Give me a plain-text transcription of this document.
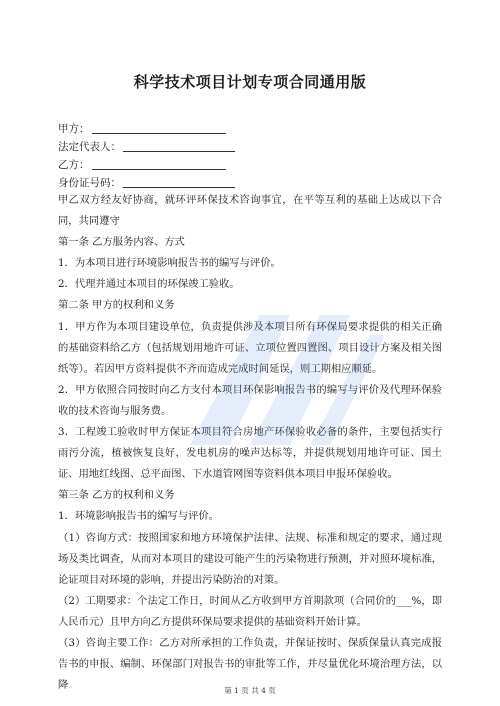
科学技术项目计划专项合同通用版
甲方：
法定代表人：
乙方：
身份证号码：

甲乙双方经友好协商，就环评环保技术咨询事宜，在平等互利的基础上达成以下合同，共同遵守

第一条 乙方服务内容、方式

1．为本项目进行环境影响报告书的编写与评价。

2．代理并通过本项目的环保竣工验收。

第二条 甲方的权利和义务

1．甲方作为本项目建设单位，负责提供涉及本项目所有环保局要求提供的相关正确的基础资料给乙方（包括规划用地许可证、立项位置四置图、项目设计方案及相关图纸等）。若因甲方资料提供不齐而造成完成时间延误，则工期相应顺延。

2．甲方依照合同按时向乙方支付本项目环保影响报告书的编写与评价及代理环保验收的技术咨询与服务费。

3．工程竣工验收时甲方保证本项目符合房地产环保验收必备的条件，主要包括实行雨污分流，植被恢复良好，发电机房的噪声达标等，并提供规划用地许可证、国土证、用地红线图、总平面图、下水道管网图等资料供本项目申报环保验收。

第三条 乙方的权利和义务

1．环境影响报告书的编写与评价。

（1）咨询方式：按照国家和地方环境保护法律、法规、标准和规定的要求，通过现场及类比调查，从而对本项目的建设可能产生的污染物进行预测，并对照环境标准，论证项目对环境的影响，并提出污染防治的对策。

（2）工期要求：个法定工作日，时间从乙方收到甲方首期款项（合同价的___%，即人民币元）且甲方向乙方提供环保局要求提供的基础资料开始计算。

（3）咨询主要工作：乙方对所承担的工作负责，并保证按时、保质保量认真完成报告书的申报、编制、环保部门对报告书的审批等工作，并尽量优化环境治理方法，以降	第 1 页 共 4 页
